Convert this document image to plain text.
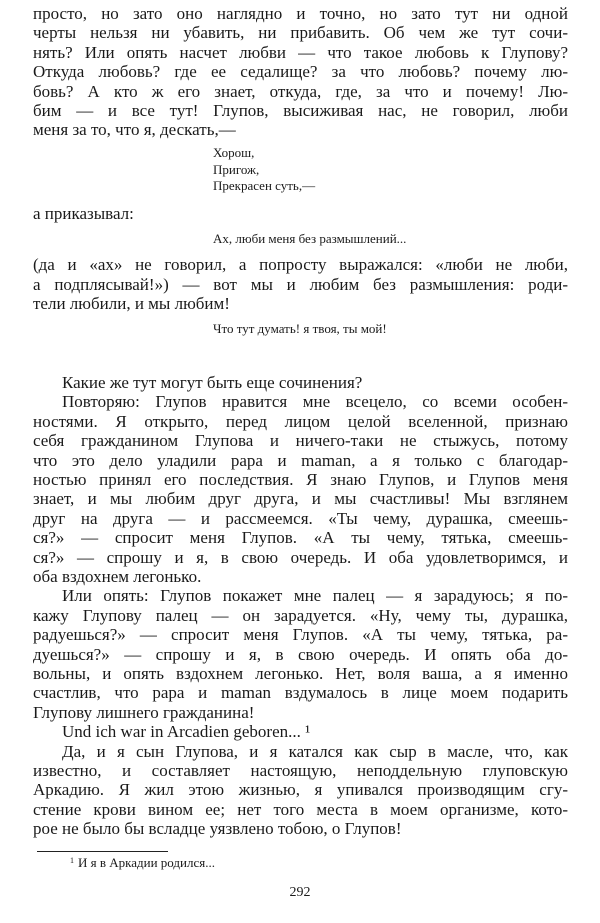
а приказывал:
Ах, люби меня без размышлений...
Что тут думать! я твоя, ты мой!
$^1$ И я в Аркадии родился...
292
просто, но зато оно наглядно и точно, но зато тут ни одной
черты нельзя ни убавить, ни прибавить. Об чем же тут сочи-
нять? Или опять насчет любви — что такое любовь к Глупову?
Откуда любовь? где ее седалище? за что любовь? почему лю-
бовь? А кто ж его знает, откуда, где, за что и почему! Лю-
бим — и все тут! Глупов, высиживая нас, не говорил, люби
меня за то, что я, дескать,—
Хорош,
Пригож,
Прекрасен суть,—
(да и «ах» не говорил, а попросту выражался: «люби не люби,
а подплясывай!») — вот мы и любим без размышления: роди-
тели любили, и мы любим!
Какие же тут могут быть еще сочинения?
Повторяю: Глупов нравится мне всецело, со всеми особен-
ностями. Я открыто, перед лицом целой вселенной, признаю
себя гражданином Глупова и ничего-таки не стыжусь, потому
что это дело уладили papa и maman, а я только с благодар-
ностью принял его последствия. Я знаю Глупов, и Глупов меня
знает, и мы любим друг друга, и мы счастливы! Мы взглянем
друг на друга — и рассмеемся. «Ты чему, дурашка, смеешь-
ся?» — спросит меня Глупов. «А ты чему, тятька, смеешь-
ся?» — спрошу и я, в свою очередь. И оба удовлетворимся, и
оба вздохнем легонько.
Или опять: Глупов покажет мне палец — я зарадуюсь; я по-
кажу Глупову палец — он зарадуется. «Ну, чему ты, дурашка,
радуешься?» — спросит меня Глупов. «А ты чему, тятька, ра-
дуешься?» — спрошу и я, в свою очередь. И опять оба до-
вольны, и опять вздохнем легонько. Нет, воля ваша, а я именно
счастлив, что papa и maman вздумалось в лице моем подарить
Глупову лишнего гражданина!
Und ich war in Arcadien geboren... ¹
Да, и я сын Глупова, и я катался как сыр в масле, что, как
известно, и составляет настоящую, неподдельную глуповскую
Аркадию. Я жил этою жизнью, я упивался производящим сгу-
стение крови вином ее; нет того места в моем организме, кото-
рое не было бы всладце уязвлено тобою, о Глупов!
